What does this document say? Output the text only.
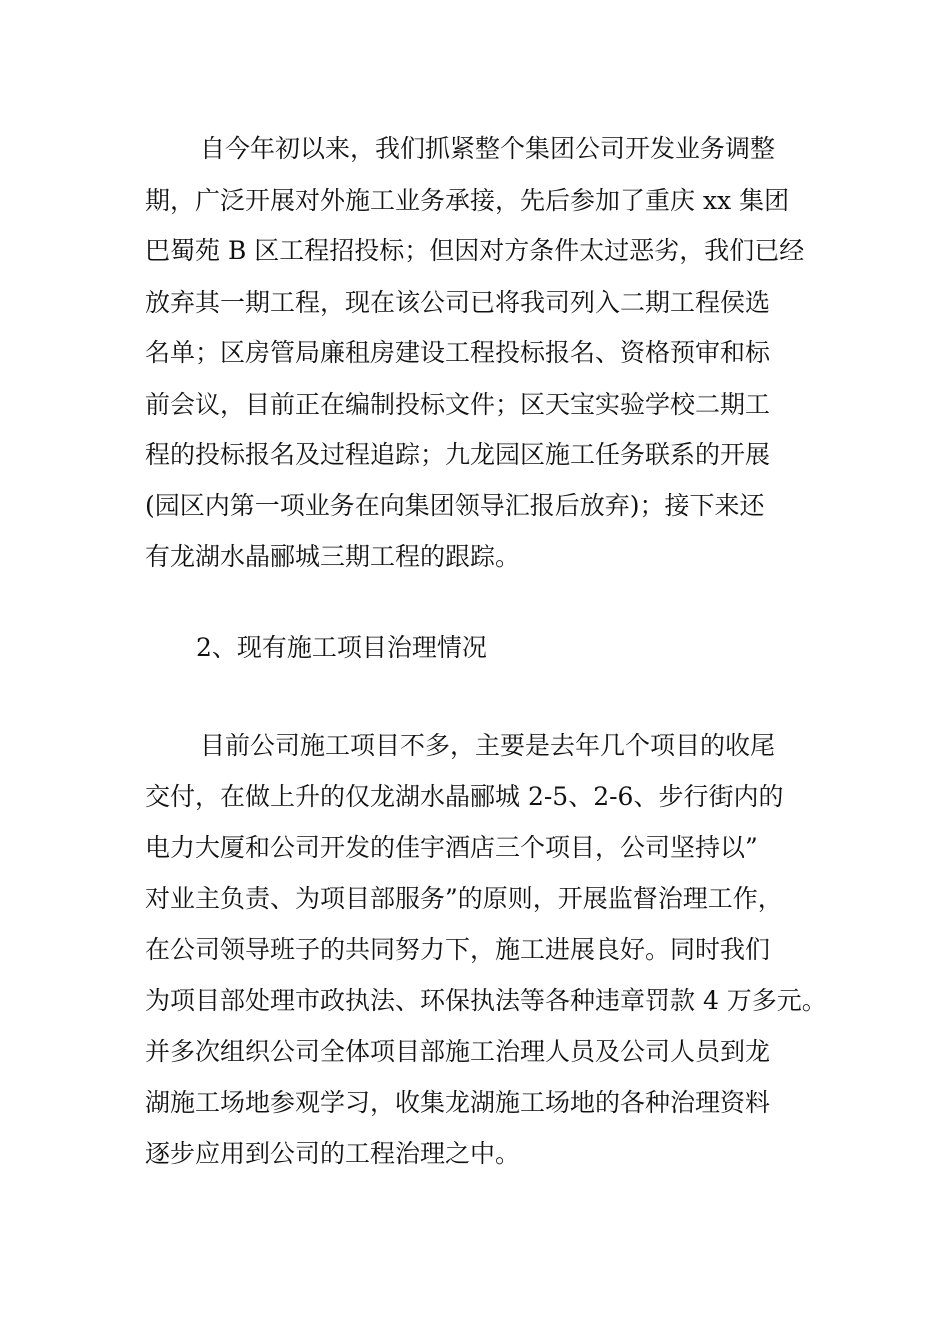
自今年初以来，我们抓紧整个集团公司开发业务调整
期，广泛开展对外施工业务承接，先后参加了重庆 xx 集团
巴蜀苑 B 区工程招投标；但因对方条件太过恶劣，我们已经
放弃其一期工程，现在该公司已将我司列入二期工程侯选
名单；区房管局廉租房建设工程投标报名、资格预审和标
前会议，目前正在编制投标文件；区天宝实验学校二期工
程的投标报名及过程追踪；九龙园区施工任务联系的开展
(园区内第一项业务在向集团领导汇报后放弃)；接下来还
有龙湖水晶郦城三期工程的跟踪。
2、现有施工项目治理情况
目前公司施工项目不多，主要是去年几个项目的收尾
交付，在做上升的仅龙湖水晶郦城 2-5、2-6、步行街内的
电力大厦和公司开发的佳宇酒店三个项目，公司坚持以”
对业主负责、为项目部服务”的原则，开展监督治理工作，
在公司领导班子的共同努力下，施工进展良好。同时我们
为项目部处理市政执法、环保执法等各种违章罚款 4 万多元。
并多次组织公司全体项目部施工治理人员及公司人员到龙
湖施工场地参观学习，收集龙湖施工场地的各种治理资料
逐步应用到公司的工程治理之中。
